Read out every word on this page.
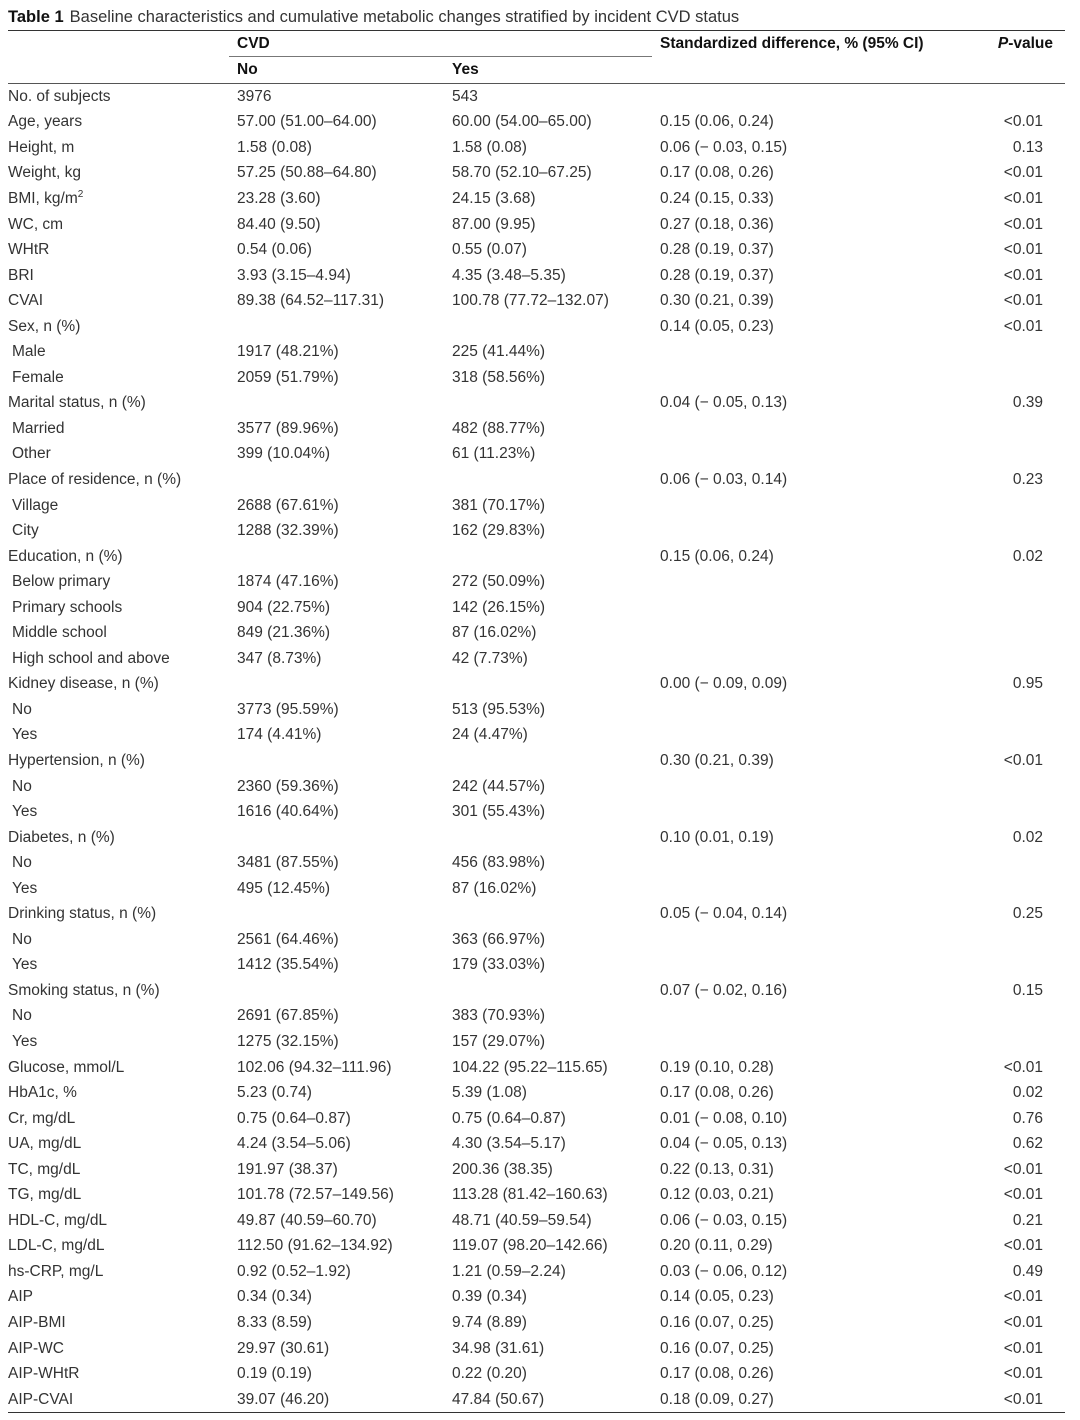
Table 1 Baseline characteristics and cumulative metabolic changes stratified by incident CVD status
	CVD		Standardized difference, % (95% CI)	P-value
	No	Yes		
No. of subjects	3976	543		
Age, years	57.00 (51.00–64.00)	60.00 (54.00–65.00)	0.15 (0.06, 0.24)	<0.01
Height, m	1.58 (0.08)	1.58 (0.08)	0.06 (− 0.03, 0.15)	0.13
Weight, kg	57.25 (50.88–64.80)	58.70 (52.10–67.25)	0.17 (0.08, 0.26)	<0.01
BMI, $kg/m^2$	23.28 (3.60)	24.15 (3.68)	0.24 (0.15, 0.33)	<0.01
WC, cm	84.40 (9.50)	87.00 (9.95)	0.27 (0.18, 0.36)	<0.01
WHtR	0.54 (0.06)	0.55 (0.07)	0.28 (0.19, 0.37)	<0.01
BRI	3.93 (3.15–4.94)	4.35 (3.48–5.35)	0.28 (0.19, 0.37)	<0.01
CVAI	89.38 (64.52–117.31)	100.78 (77.72–132.07)	0.30 (0.21, 0.39)	<0.01
Sex, n (%)			0.14 (0.05, 0.23)	<0.01
Male	1917 (48.21%)	225 (41.44%)		
Female	2059 (51.79%)	318 (58.56%)		
Marital status, n (%)			0.04 (− 0.05, 0.13)	0.39
Married	3577 (89.96%)	482 (88.77%)		
Other	399 (10.04%)	61 (11.23%)		
Place of residence, n (%)			0.06 (− 0.03, 0.14)	0.23
Village	2688 (67.61%)	381 (70.17%)		
City	1288 (32.39%)	162 (29.83%)		
Education, n (%)			0.15 (0.06, 0.24)	0.02
Below primary	1874 (47.16%)	272 (50.09%)		
Primary schools	904 (22.75%)	142 (26.15%)		
Middle school	849 (21.36%)	87 (16.02%)		
High school and above	347 (8.73%)	42 (7.73%)		
Kidney disease, n (%)			0.00 (− 0.09, 0.09)	0.95
No	3773 (95.59%)	513 (95.53%)		
Yes	174 (4.41%)	24 (4.47%)		
Hypertension, n (%)			0.30 (0.21, 0.39)	<0.01
No	2360 (59.36%)	242 (44.57%)		
Yes	1616 (40.64%)	301 (55.43%)		
Diabetes, n (%)			0.10 (0.01, 0.19)	0.02
No	3481 (87.55%)	456 (83.98%)		
Yes	495 (12.45%)	87 (16.02%)		
Drinking status, n (%)			0.05 (− 0.04, 0.14)	0.25
No	2561 (64.46%)	363 (66.97%)		
Yes	1412 (35.54%)	179 (33.03%)		
Smoking status, n (%)			0.07 (− 0.02, 0.16)	0.15
No	2691 (67.85%)	383 (70.93%)		
Yes	1275 (32.15%)	157 (29.07%)		
Glucose, mmol/L	102.06 (94.32–111.96)	104.22 (95.22–115.65)	0.19 (0.10, 0.28)	<0.01
HbA1c, %	5.23 (0.74)	5.39 (1.08)	0.17 (0.08, 0.26)	0.02
Cr, mg/dL	0.75 (0.64–0.87)	0.75 (0.64–0.87)	0.01 (− 0.08, 0.10)	0.76
UA, mg/dL	4.24 (3.54–5.06)	4.30 (3.54–5.17)	0.04 (− 0.05, 0.13)	0.62
TC, mg/dL	191.97 (38.37)	200.36 (38.35)	0.22 (0.13, 0.31)	<0.01
TG, mg/dL	101.78 (72.57–149.56)	113.28 (81.42–160.63)	0.12 (0.03, 0.21)	<0.01
HDL-C, mg/dL	49.87 (40.59–60.70)	48.71 (40.59–59.54)	0.06 (− 0.03, 0.15)	0.21
LDL-C, mg/dL	112.50 (91.62–134.92)	119.07 (98.20–142.66)	0.20 (0.11, 0.29)	<0.01
hs-CRP, mg/L	0.92 (0.52–1.92)	1.21 (0.59–2.24)	0.03 (− 0.06, 0.12)	0.49
AIP	0.34 (0.34)	0.39 (0.34)	0.14 (0.05, 0.23)	<0.01
AIP-BMI	8.33 (8.59)	9.74 (8.89)	0.16 (0.07, 0.25)	<0.01
AIP-WC	29.97 (30.61)	34.98 (31.61)	0.16 (0.07, 0.25)	<0.01
AIP-WHtR	0.19 (0.19)	0.22 (0.20)	0.17 (0.08, 0.26)	<0.01
AIP-CVAI	39.07 (46.20)	47.84 (50.67)	0.18 (0.09, 0.27)	<0.01
